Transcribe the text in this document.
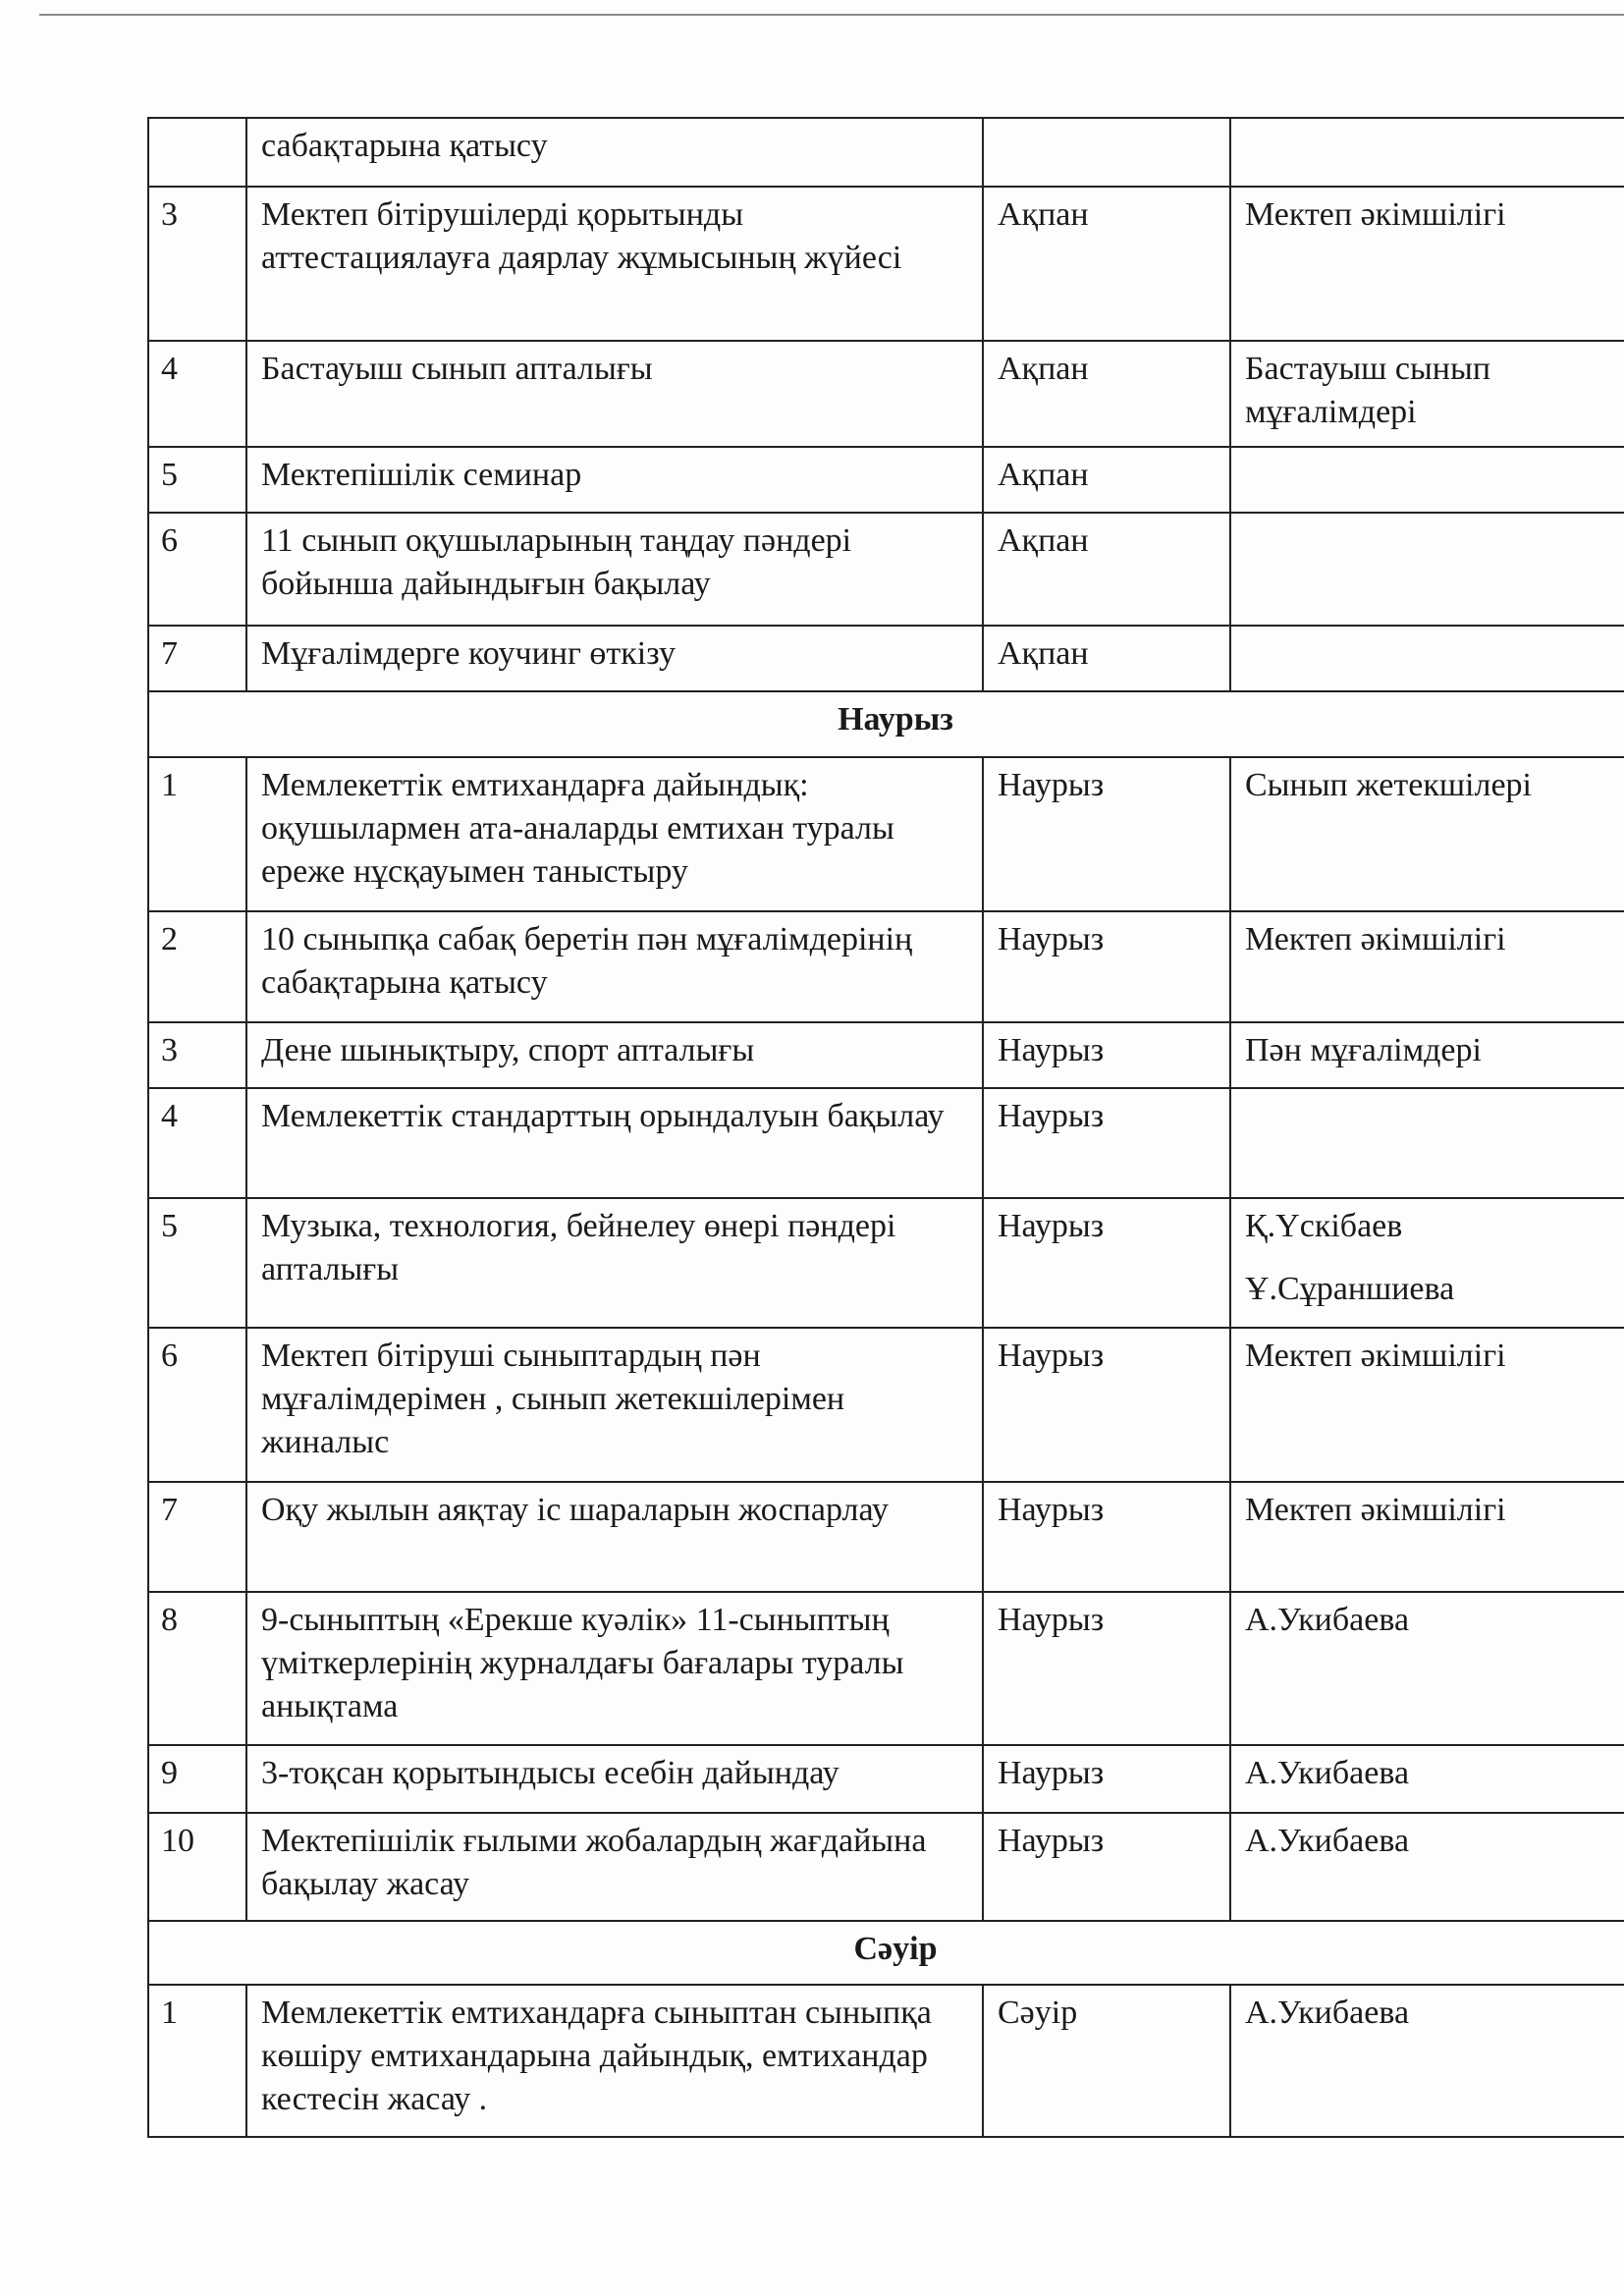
	сабақтарына қатысу		

3	Мектеп бітірушілерді қорытынды аттестациялауға даярлау жұмысының жүйесі	Ақпан	Мектеп әкімшілігі

4	Бастауыш сынып апталығы	Ақпан	Бастауыш сынып мұғалімдері

5	Мектепішілік семинар	Ақпан	

6	11 сынып оқушыларының таңдау пәндері бойынша дайындығын бақылау	Ақпан	

7	Мұғалімдерге коучинг өткізу	Ақпан	

Наурыз			
1	Мемлекеттік емтихандарға дайындық: оқушылармен ата-аналарды емтихан туралы ереже нұсқауымен таныстыру	Наурыз	Сынып жетекшілері

2	10 сыныпқа сабақ беретін пән мұғалімдерінің сабақтарына қатысу	Наурыз	Мектеп әкімшілігі

3	Дене шынықтыру, спорт апталығы	Наурыз	Пән мұғалімдері

4	Мемлекеттік стандарттың орындалуын бақылау	Наурыз	

5	Музыка, технология, бейнелеу өнері пәндері апталығы	Наурыз	Қ.Үскібаев
Ұ.Сұраншиева

6	Мектеп бітіруші сыныптардың пән мұғалімдерімен , сынып жетекшілерімен жиналыс	Наурыз	Мектеп әкімшілігі

7	Оқу жылын аяқтау іс шараларын жоспарлау	Наурыз	Мектеп әкімшілігі

8	9-сыныптың «Ерекше куәлік» 11-сыныптың үміткерлерінің журналдағы бағалары туралы анықтама	Наурыз	А.Укибаева

9	3-тоқсан қорытындысы есебін дайындау	Наурыз	А.Укибаева

10	Мектепішілік ғылыми жобалардың жағдайына бақылау жасау	Наурыз	А.Укибаева

Сәуір			
1	Мемлекеттік емтихандарға сыныптан сыныпқа көшіру емтихандарына дайындық, емтихандар кестесін жасау .	Сәуір	А.Укибаева
